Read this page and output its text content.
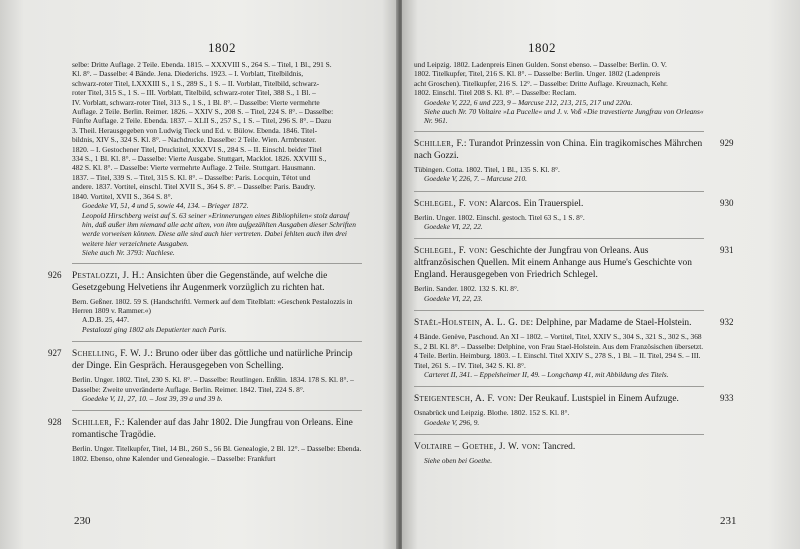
1802
selbe: Dritte Auflage. 2 Teile. Ebenda. 1815. – XXXVIII S., 264 S. – Titel, 1 Bl., 291 S.
Kl. 8°. – Dasselbe: 4 Bände. Jena. Diederichs. 1923. – I. Vorblatt, Titelbildnis,
schwarz-roter Titel, LXXXIII S., 1 S., 289 S., 1 S. – II. Vorblatt, Titelbild, schwarz-
roter Titel, 315 S., 1 S. – III. Vorblatt, Titelbild, schwarz-roter Titel, 388 S., 1 Bl. –
IV. Vorblatt, schwarz-roter Titel, 313 S., 1 S., 1 Bl. 8°. – Dasselbe: Vierte vermehrte
Auflage. 2 Teile. Berlin. Reimer. 1826. – XXIV S., 208 S. – Titel, 224 S. 8°. – Dasselbe:
Fünfte Auflage. 2 Teile. Ebenda. 1837. – XLII S., 257 S., 1 S. – Titel, 296 S. 8°. – Dazu
3. Theil. Herausgegeben von Ludwig Tieck und Ed. v. Bülow. Ebenda. 1846. Titel-
bildnis, XIV S., 324 S. Kl. 8°. – Nachdrucke. Dasselbe: 2 Teile. Wien. Armbruster.
1820. – I. Gestochener Titel, Drucktitel, XXXVI S., 284 S. – II. Einschl. beider Titel
334 S., 1 Bl. Kl. 8°. – Dasselbe: Vierte Ausgabe. Stuttgart, Macklot. 1826. XXVIII S.,
482 S. Kl. 8°. – Dasselbe: Vierte vermehrte Auflage. 2 Teile. Stuttgart. Hausmann.
1837. – Titel, 339 S. – Titel, 315 S. Kl. 8°. – Dasselbe: Paris. Locquin, Tétot und
andere. 1837. Vortitel, einschl. Titel XVII S., 364 S. 8°. – Dasselbe: Paris. Baudry.
1840. Vortitel, XVII S., 364 S. 8°.
Goedeke VI, 51, 4 und 5, sowie 44, 134. – Brieger 1872.
Leopold Hirschberg weist auf S. 63 seiner »Erinnerungen eines Bibliophilen« stolz darauf hin, daß außer ihm niemand alle acht alten, von ihm aufgezählten Ausgaben dieser Schriften werde vorweisen können. Diese alle sind auch hier vertreten. Dabei fehlten auch ihm drei weitere hier verzeichnete Ausgaben.
Siehe auch Nr. 3793: Nachlese.
926 Pestalozzi, J. H.: Ansichten über die Gegenstände, auf welche die Gesetzgebung Helvetiens ihr Augenmerk vorzüglich zu richten hat.
Bern. Geßner. 1802. 59 S. (Handschriftl. Vermerk auf dem Titelblatt: »Geschenk Pestalozzis in Herren 1809 v. Rammer.«)
A.D.B. 25, 447.
Pestalozzi ging 1802 als Deputierter nach Paris.
927 Schelling, F. W. J.: Bruno oder über das göttliche und natürliche Princip der Dinge. Ein Gespräch. Herausgegeben von Schelling.
Berlin. Unger. 1802. Titel, 230 S. Kl. 8°. – Dasselbe: Reutlingen. Enßlin. 1834. 178 S. Kl. 8°. – Dasselbe: Zweite unveränderte Auflage. Berlin. Reimer. 1842. Titel, 224 S. 8°.
Goedeke V, 11, 27, 10. – Jost 39, 39 a und 39 b.
928 Schiller, F.: Kalender auf das Jahr 1802. Die Jungfrau von Orleans. Eine romantische Tragödie.
Berlin. Unger. Titelkupfer, Titel, 14 Bl., 260 S., 56 Bl. Genealogie, 2 Bl. 12°. – Dasselbe: Ebenda. 1802. Ebenso, ohne Kalender und Genealogie. – Dasselbe: Frankfurt
230
1802
und Leipzig. 1802. Ladenpreis Einen Gulden. Sonst ebenso. – Dasselbe: Berlin. O. V.
1802. Titelkupfer, Titel, 216 S. Kl. 8°. – Dasselbe: Berlin. Unger. 1802 (Ladenpreis
acht Groschen). Titelkupfer, 216 S. 12°. – Dasselbe: Dritte Auflage. Kreuznach, Kehr.
1802. Einschl. Titel 208 S. Kl. 8°. – Dasselbe: Reclam.
Goedeke V, 222, 6 und 223, 9 – Marcuse 212, 213, 215, 217 und 220a.
Siehe auch Nr. 70 Voltaire »La Pucelle« und J. v. Voß »Die travestierte Jungfrau von Orleans« Nr. 961.
929
Schiller, F.: Turandot Prinzessin von China. Ein tragikomisches Mährchen nach Gozzi.
Tübingen. Cotta. 1802. Titel, 1 Bl., 135 S. Kl. 8°.
Goedeke V, 226, 7. – Marcuse 210.
930
Schlegel, F. von: Alarcos. Ein Trauerspiel.
Berlin. Unger. 1802. Einschl. gestoch. Titel 63 S., 1 S. 8°.
Goedeke VI, 22, 22.
931
Schlegel, F. von: Geschichte der Jungfrau von Orleans. Aus altfranzösischen Quellen. Mit einem Anhange aus Hume's Geschichte von England. Herausgegeben von Friedrich Schlegel.
Berlin. Sander. 1802. 132 S. Kl. 8°.
Goedeke VI, 22, 23.
932
Staël-Holstein, A. L. G. de: Delphine, par Madame de Stael-Holstein.
4 Bände. Genève, Paschoud. An XI – 1802. – Vortitel, Titel, XXIV S., 304 S., 321 S., 302 S., 368 S., 2 Bl. Kl. 8°. – Dasselbe: Delphine, von Frau Stael-Holstein. Aus dem Französischen übersetzt. 4 Teile. Berlin. Heimburg. 1803. – I. Einschl. Titel XXIV S., 278 S., 1 Bl. – II. Titel, 294 S. – III. Titel, 261 S. – IV. Titel, 342 S. Kl. 8°.
Carteret II, 341. – Eppelsheimer II, 49. – Longchamp 41, mit Abbildung des Titels.
933
Steigentesch, A. F. von: Der Reukauf. Lustspiel in Einem Aufzuge.
Osnabrück und Leipzig. Blothe. 1802. 152 S. Kl. 8°.
Goedeke V, 296, 9.
Voltaire – Goethe, J. W. von: Tancred.
Siehe oben bei Goethe.
231
